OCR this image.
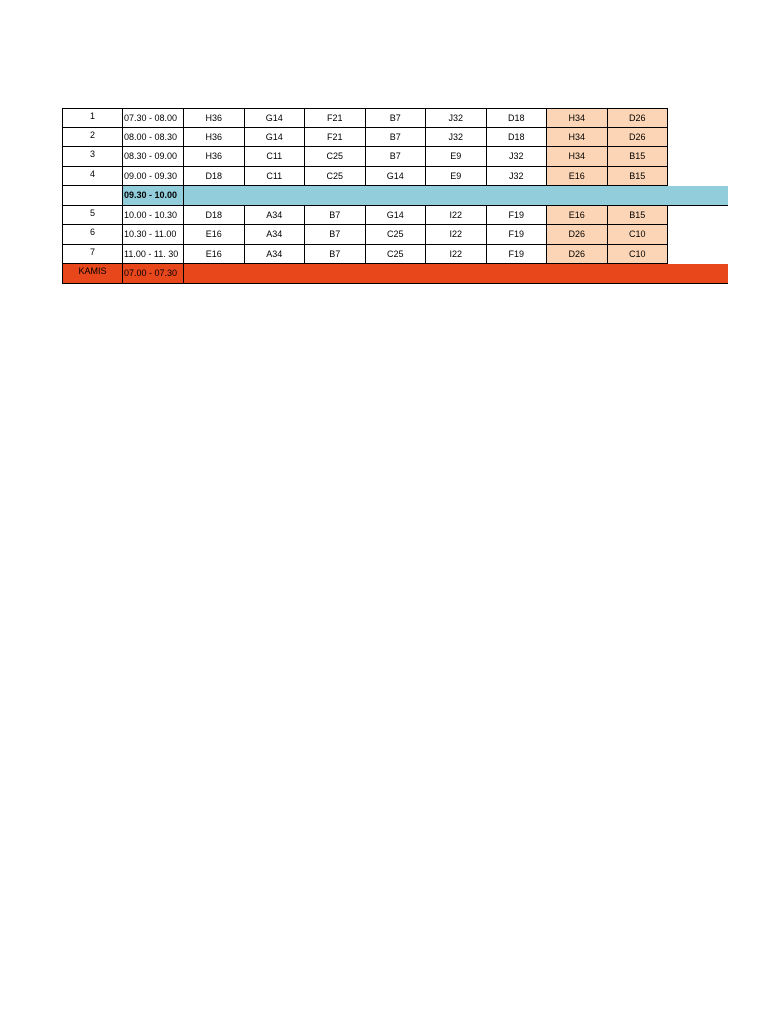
1	07.30 - 08.00	H36	G14	F21	B7	J32	D18	H34	D26
2	08.00 - 08.30	H36	G14	F21	B7	J32	D18	H34	D26
3	08.30 - 09.00	H36	C11	C25	B7	E9	J32	H34	B15
4	09.00 - 09.30	D18	C11	C25	G14	E9	J32	E16	B15
09.30 - 10.00
5	10.00 - 10.30	D18	A34	B7	G14	I22	F19	E16	B15
6	10.30 - 11.00	E16	A34	B7	C25	I22	F19	D26	C10
7	11.00 - 11. 30	E16	A34	B7	C25	I22	F19	D26	C10
KAMIS	07.00 - 07.30
